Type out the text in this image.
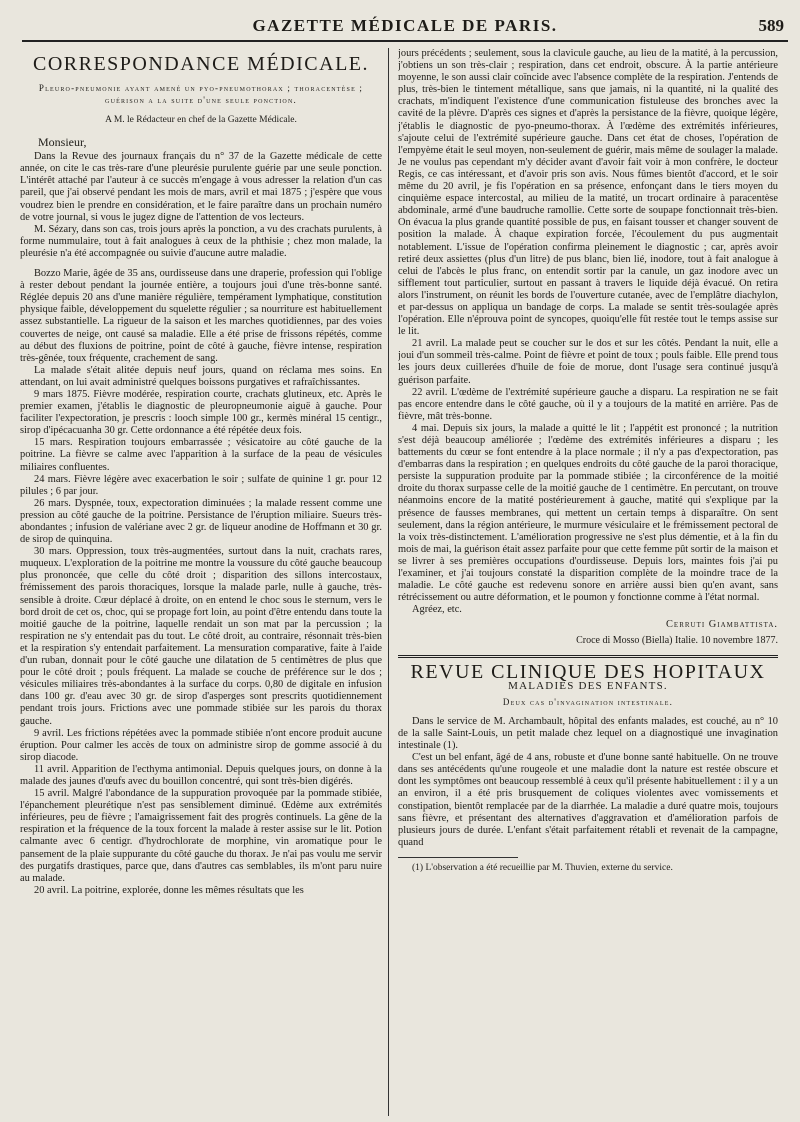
GAZETTE MÉDICALE DE PARIS.	589
CORRESPONDANCE MÉDICALE.
Pleuro-pneumonie ayant amené un pyo-pneumothorax ; thoracentèse ; guérison a la suite d'une seule ponction.
A M. le Rédacteur en chef de la Gazette Médicale.

Monsieur,

Dans la Revue des journaux français du n° 37 de la Gazette médicale de cette année, on cite le cas très-rare d'une pleurésie purulente guérie par une seule ponction. L'intérêt attaché par l'auteur à ce succès m'engage à vous adresser la relation d'un cas pareil, que j'ai observé pendant les mois de mars, avril et mai 1875 ; j'espère que vous voudrez bien le prendre en considération, et le faire paraître dans un prochain numéro de votre journal, si vous le jugez digne de l'attention de vos lecteurs.

M. Sézary, dans son cas, trois jours après la ponction, a vu des crachats purulents, à forme nummulaire, tout à fait analogues à ceux de la phthisie ; chez mon malade, la pleurésie n'a été accompagnée ou suivie d'aucune autre maladie.

Bozzo Marie, âgée de 35 ans, ourdisseuse dans une draperie, profession qui l'oblige à rester debout pendant la journée entière, a toujours joui d'une très-bonne santé. Réglée depuis 20 ans d'une manière régulière, tempérament lymphatique, constitution physique faible, développement du squelette régulier ; sa nourriture est habituellement assez substantielle. La rigueur de la saison et les marches quotidiennes, par des voies couvertes de neige, ont causé sa maladie. Elle a été prise de frissons répétés, comme au début des fluxions de poitrine, point de côté à gauche, fièvre intense, respiration très-gênée, toux fréquente, crachement de sang.

La malade s'était alitée depuis neuf jours, quand on réclama mes soins. En attendant, on lui avait administré quelques boissons purgatives et rafraîchissantes.

9 mars 1875. Fièvre modérée, respiration courte, crachats glutineux, etc. Après le premier examen, j'établis le diagnostic de pleuropneumonie aiguë à gauche. Pour faciliter l'expectoration, je prescris : looch simple 100 gr., kermès minéral 15 centigr., sirop d'ipécacuanha 30 gr. Cette ordonnance a été répétée deux fois.

15 mars. Respiration toujours embarrassée ; vésicatoire au côté gauche de la poitrine. La fièvre se calme avec l'apparition à la surface de la peau de vésicules miliaires confluentes.

24 mars. Fièvre légère avec exacerbation le soir ; sulfate de quinine 1 gr. pour 12 pilules ; 6 par jour.

26 mars. Dyspnée, toux, expectoration diminuées ; la malade ressent comme une pression au côté gauche de la poitrine. Persistance de l'éruption miliaire. Sueurs très-abondantes ; infusion de valériane avec 2 gr. de liqueur anodine de Hoffmann et 30 gr. de sirop de quinquina.

30 mars. Oppression, toux très-augmentées, surtout dans la nuit, crachats rares, muqueux. L'exploration de la poitrine me montre la voussure du côté gauche beaucoup plus prononcée, que celle du côté droit ; disparition des sillons intercostaux, frémissement des parois thoraciques, lorsque la malade parle, nulle à gauche, très-sensible à droite. Cœur déplacé à droite, on en entend le choc sous le sternum, vers le bord droit de cet os, choc, qui se propage fort loin, au point d'être entendu dans toute la moitié gauche de la poitrine, laquelle rendait un son mat par la percussion ; la respiration ne s'y entendait pas du tout. Le côté droit, au contraire, résonnait très-bien et la respiration s'y entendait parfaitement. La mensuration comparative, faite à l'aide d'un ruban, donnait pour le côté gauche une dilatation de 5 centimètres de plus que pour le côté droit ; pouls fréquent. La malade se couche de préférence sur le dos ; vésicules miliaires très-abondantes à la surface du corps. 0,80 de digitale en infusion dans 100 gr. d'eau avec 30 gr. de sirop d'asperges sont prescrits quotidiennement pendant trois jours. Frictions avec une pommade stibiée sur les parois du thorax gauche.

9 avril. Les frictions répétées avec la pommade stibiée n'ont encore produit aucune éruption. Pour calmer les accès de toux on administre sirop de gomme associé à du sirop diacode.

11 avril. Apparition de l'ecthyma antimonial. Depuis quelques jours, on donne à la malade des jaunes d'œufs avec du bouillon concentré, qui sont très-bien digérés.

15 avril. Malgré l'abondance de la suppuration provoquée par la pommade stibiée, l'épanchement pleurétique n'est pas sensiblement diminué. Œdème aux extrémités inférieures, peu de fièvre ; l'amaigrissement fait des progrès continuels. La gêne de la respiration et la fréquence de la toux forcent la malade à rester assise sur le lit. Potion calmante avec 6 centigr. d'hydrochlorate de morphine, vin aromatique pour le pansement de la plaie suppurante du côté gauche du thorax. Je n'ai pas voulu me servir des purgatifs drastiques, parce que, dans d'autres cas semblables, ils m'ont paru nuire au malade.

20 avril. La poitrine, explorée, donne les mêmes résultats que les

jours précédents ; seulement, sous la clavicule gauche, au lieu de la matité, à la percussion, j'obtiens un son très-clair ; respiration, dans cet endroit, obscure. À la partie antérieure moyenne, le son aussi clair coïncide avec l'absence complète de la respiration. J'entends de plus, très-bien le tintement métallique, sans que jamais, ni la quantité, ni la qualité des crachats, m'indiquent l'existence d'une communication fistuleuse des bronches avec la cavité de la plèvre. D'après ces signes et d'après la persistance de la fièvre, quoique légère, j'établis le diagnostic de pyo-pneumo-thorax. À l'œdème des extrémités inférieures, s'ajoute celui de l'extrémité supérieure gauche. Dans cet état de choses, l'opération de l'empyème était le seul moyen, non-seulement de guérir, mais même de soulager la malade. Je ne voulus pas cependant m'y décider avant d'avoir fait voir à mon confrère, le docteur Regis, ce cas intéressant, et d'avoir pris son avis. Nous fûmes bientôt d'accord, et le soir même du 20 avril, je fis l'opération en sa présence, enfonçant dans le tiers moyen du cinquième espace intercostal, au milieu de la matité, un trocart ordinaire à paracentèse abdominale, armé d'une baudruche ramollie. Cette sorte de soupape fonctionnait très-bien. On évacua la plus grande quantité possible de pus, en faisant tousser et changer souvent de position la malade. À chaque expiration forcée, l'écoulement du pus augmentait notablement. L'issue de l'opération confirma pleinement le diagnostic ; car, après avoir retiré deux assiettes (plus d'un litre) de pus blanc, bien lié, inodore, tout à fait analogue à celui de l'abcès le plus franc, on entendit sortir par la canule, un gaz inodore avec un sifflement tout particulier, surtout en passant à travers le liquide déjà évacué. On retira alors l'instrument, on réunit les bords de l'ouverture cutanée, avec de l'emplâtre diachylon, et par-dessus on appliqua un bandage de corps. La malade se sentit très-soulagée après l'opération. Elle n'éprouva point de syncopes, quoiqu'elle fût restée tout le temps assise sur le lit.

21 avril. La malade peut se coucher sur le dos et sur les côtés. Pendant la nuit, elle a joui d'un sommeil très-calme. Point de fièvre et point de toux ; pouls faible. Elle prend tous les jours deux cuillerées d'huile de foie de morue, dont l'usage sera continué jusqu'à guérison parfaite.

22 avril. L'œdème de l'extrémité supérieure gauche a disparu. La respiration ne se fait pas encore entendre dans le côté gauche, où il y a toujours de la matité en arrière. Pas de fièvre, mât très-bonne.

4 mai. Depuis six jours, la malade a quitté le lit ; l'appétit est prononcé ; la nutrition s'est déjà beaucoup améliorée ; l'œdème des extrémités inférieures a disparu ; les battements du cœur se font entendre à la place normale ; il n'y a pas d'expectoration, pas d'embarras dans la respiration ; en quelques endroits du côté gauche de la paroi thoracique, persiste la suppuration produite par la pommade stibiée ; la circonférence de la moitié droite du thorax surpasse celle de la moitié gauche de 1 centimètre. En percutant, on trouve néanmoins encore de la matité postérieurement à gauche, matité qui s'explique par la présence de fausses membranes, qui mettent un certain temps à disparaître. On sent seulement, dans la région antérieure, le murmure vésiculaire et le frémissement pectoral de la voix très-distinctement. L'amélioration progressive ne s'est plus démentie, et à la fin du mois de mai, la guérison était assez parfaite pour que cette femme pût sortir de la maison et se livrer à ses premières occupations d'ourdisseuse. Depuis lors, maintes fois j'ai pu l'examiner, et j'ai toujours constaté la disparition complète de la moindre trace de la maladie. Le côté gauche est redevenu sonore en arrière aussi bien qu'en avant, sans rétrécissement ou autre déformation, et le poumon y fonctionne comme à l'état normal.

Agréez, etc.

Cerruti Giambattista.

Croce di Mosso (Biella) Italie. 10 novembre 1877.

REVUE CLINIQUE DES HOPITAUX
MALADIES DES ENFANTS.
Deux cas d'invagination intestinale.

Dans le service de M. Archambault, hôpital des enfants malades, est couché, au n° 10 de la salle Saint-Louis, un petit malade chez lequel on a diagnostiqué une invagination intestinale (1).

C'est un bel enfant, âgé de 4 ans, robuste et d'une bonne santé habituelle. On ne trouve dans ses antécédents qu'une rougeole et une maladie dont la nature est restée obscure et dont les symptômes ont beaucoup ressemblé à ceux qu'il présente habituellement : il y a un an environ, il a été pris brusquement de coliques violentes avec vomissements et constipation, bientôt remplacée par de la diarrhée. La maladie a duré quatre mois, toujours sans fièvre, et présentant des alternatives d'aggravation et d'amélioration parfois de plusieurs jours de durée. L'enfant s'était parfaitement rétabli et revenait de la campagne, quand

(1) L'observation a été recueillie par M. Thuvien, externe du service.
